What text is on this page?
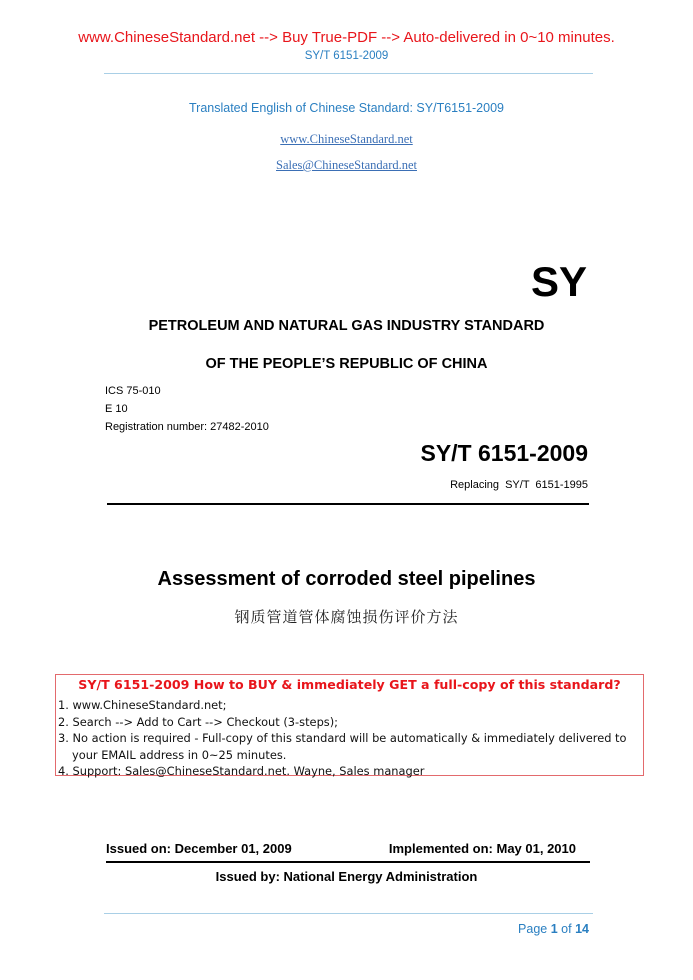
www.ChineseStandard.net --> Buy True-PDF --> Auto-delivered in 0~10 minutes.
SY/T 6151-2009
Translated English of Chinese Standard: SY/T6151-2009
www.ChineseStandard.net
Sales@ChineseStandard.net
SY
PETROLEUM AND NATURAL GAS INDUSTRY STANDARD
OF THE PEOPLE’S REPUBLIC OF CHINA
ICS 75-010
E 10
Registration number: 27482-2010
SY/T 6151-2009
Replacing SY/T 6151-1995
Assessment of corroded steel pipelines
钢质管道管体腐蚀损伤评价方法
SY/T 6151-2009 How to BUY & immediately GET a full-copy of this standard?
1. www.ChineseStandard.net;
2. Search --> Add to Cart --> Checkout (3-steps);
3. No action is required - Full-copy of this standard will be automatically & immediately delivered to
your EMAIL address in 0~25 minutes.
4. Support: Sales@ChineseStandard.net. Wayne, Sales manager
Issued on: December 01, 2009	Implemented on: May 01, 2010
Issued by: National Energy Administration
Page 1 of 14
